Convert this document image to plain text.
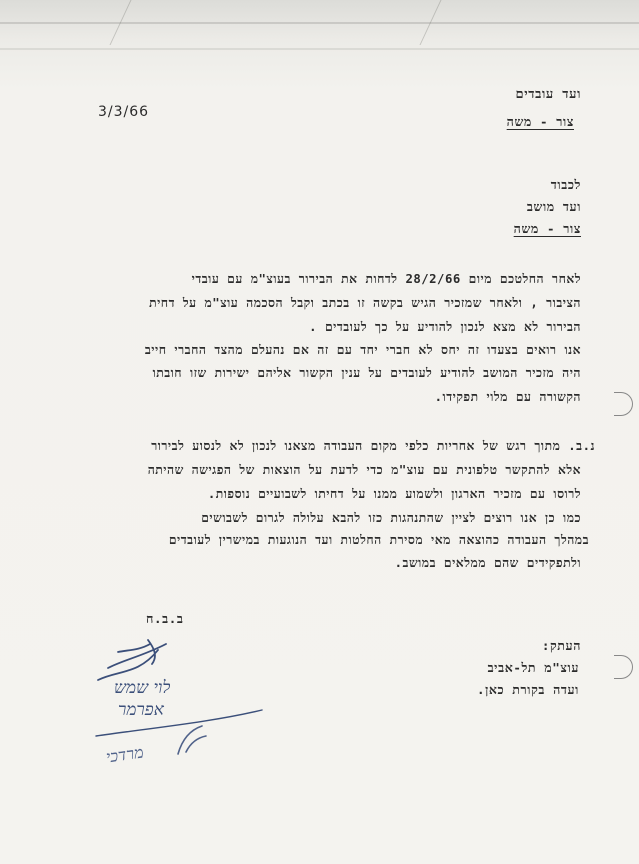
ועד עובדים
צור - משה
3/3/66
לכבוד
ועד מושב
צור - משה
לאחר החלטכם מיום 28/2/66 לדחות את הבירור בעוצ"מ עם עובדי
הציבור , ולאחר שמזכיר הגיש בקשה זו בכתב וקבל הסכמה עוצ"מ על דחית
הבירור לא מצא לנכון להודיע על כך לעובדים .
אנו רואים בצעדו זה יחס לא חברי יחד עם זה אם נהעלם מהצד החברי חייב
היה מזכיר המושב להודיע לעובדים על ענין הקשור אליהם ישירות שזו חובתו
הקשורה עם מלוי תפקידו.
נ.ב. מתוך רגש של אחריות כלפי מקום העבודה מצאנו לנכון לא לנסוע לבירור
אלא להתקשר טלפונית עם עוצ"מ כדי לדעת על הוצאות של הפגישה שהיתה
לרוסו עם מזכיר הארגון ולשמוע ממנו על דחיתו לשבועיים נוספות.
כמו כן אנו רוצים לציין שהתנהגות כזו להבא עלולה לגרום לשבושים
במהלך העבודה כהוצאה מאי מסירת החלטות ועד הנוגעות במישרין לעובדים
ולתפקידים שהם ממלאים במושב.
ב.ב.ח
העתק:
עוצ"מ תל-אביב
ועדה בקורת כאן.
לוי שמש
אפרמר
מרדכי
